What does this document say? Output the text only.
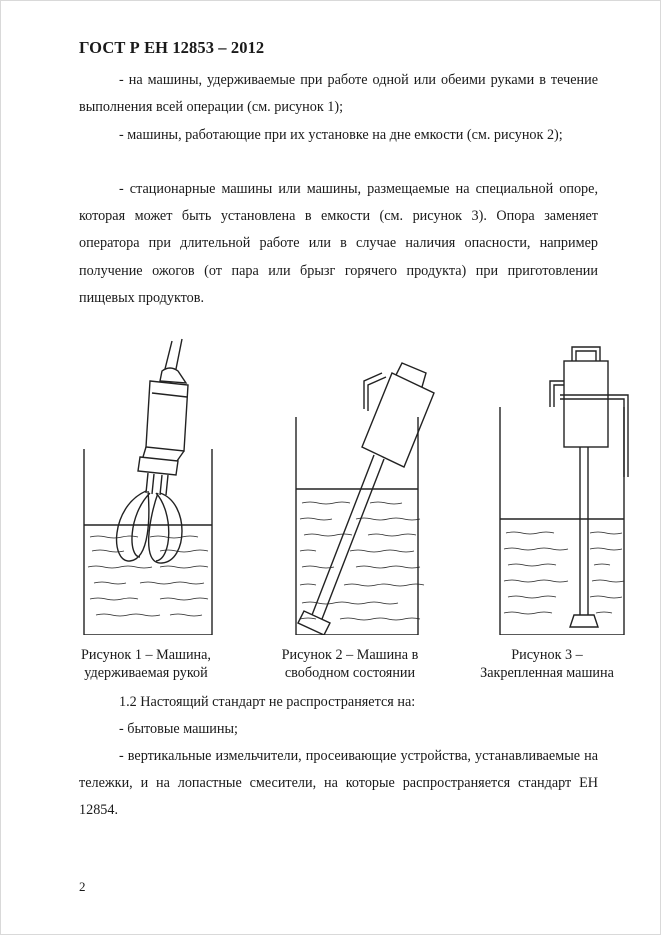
ГОСТ Р ЕН 12853 – 2012

- на машины, удерживаемые при работе одной или обеими руками в течение выполнения всей операции (см. рисунок 1);

- машины, работающие при их установке на дне емкости (см. рисунок 2);

- стационарные машины или машины, размещаемые на специальной опоре, которая может быть установлена в емкости (см. рисунок 3). Опора заменяет оператора при длительной работе или в случае наличия опасности, например получение ожогов (от пара или брызг горячего продукта) при приготовлении пищевых продуктов.

Рисунок 1 – Машина,
удерживаемая рукой
Рисунок 2 – Машина в
свободном состоянии
Рисунок 3 –
Закрепленная машина

1.2 Настоящий стандарт не распространяется на:

- бытовые машины;

- вертикальные измельчители, просеивающие устройства, устанавливаемые на тележки, и на лопастные смесители, на которые распространяется стандарт ЕН 12854.

2
